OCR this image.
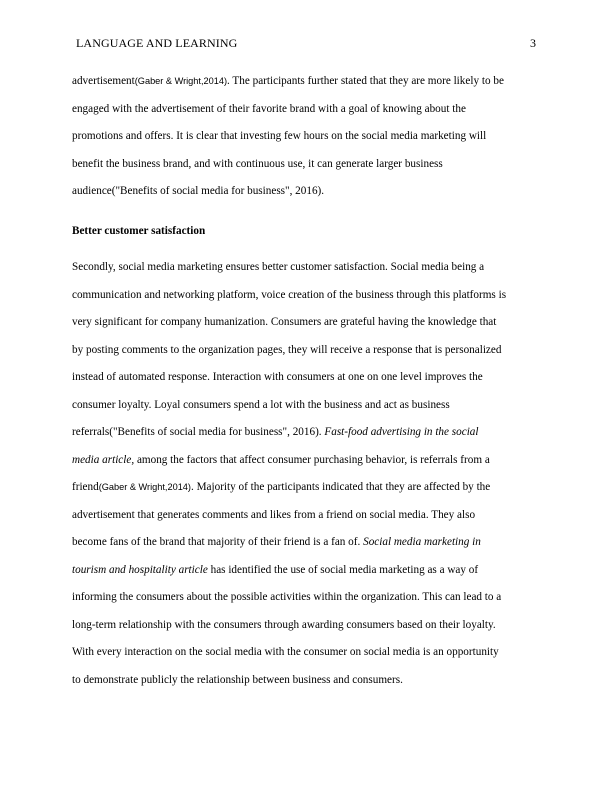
LANGUAGE AND LEARNING	3
advertisement(Gaber & Wright,2014). The participants further stated that they are more likely to be
engaged with the advertisement of their favorite brand with a goal of knowing about the
promotions and offers. It is clear that investing few hours on the social media marketing will
benefit the business brand, and with continuous use, it can generate larger business
audience("Benefits of social media for business", 2016).
Better customer satisfaction
Secondly, social media marketing ensures better customer satisfaction. Social media being a
communication and networking platform, voice creation of the business through this platforms is
very significant for company humanization. Consumers are grateful having the knowledge that
by posting comments to the organization pages, they will receive a response that is personalized
instead of automated response. Interaction with consumers at one on one level improves the
consumer loyalty. Loyal consumers spend a lot with the business and act as business
referrals("Benefits of social media for business", 2016). Fast-food advertising in the social
media article, among the factors that affect consumer purchasing behavior, is referrals from a
friend(Gaber & Wright,2014). Majority of the participants indicated that they are affected by the
advertisement that generates comments and likes from a friend on social media. They also
become fans of the brand that majority of their friend is a fan of. Social media marketing in
tourism and hospitality article has identified the use of social media marketing as a way of
informing the consumers about the possible activities within the organization. This can lead to a
long-term relationship with the consumers through awarding consumers based on their loyalty.
With every interaction on the social media with the consumer on social media is an opportunity
to demonstrate publicly the relationship between business and consumers.
